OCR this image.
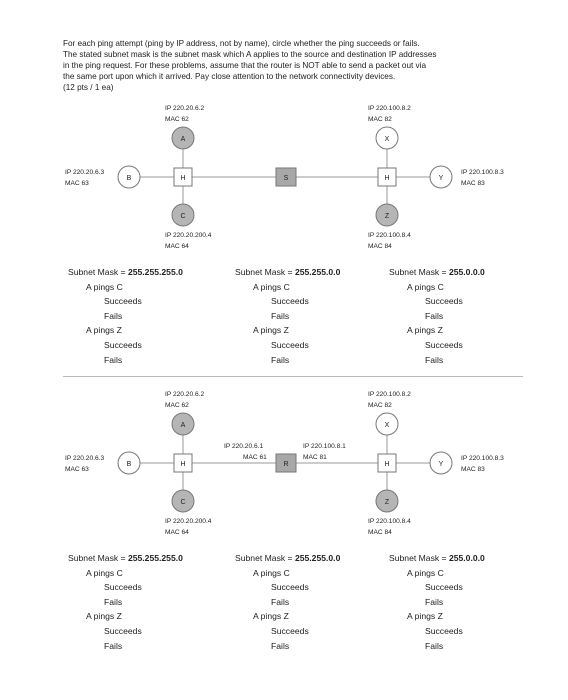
For each ping attempt (ping by IP address, not by name), circle whether the ping succeeds or fails.
The stated subnet mask is the subnet mask which A applies to the source and destination IP addresses
in the ping request. For these problems, assume that the router is NOT able to send a packet out via
the same port upon which it arrived. Pay close attention to the network connectivity devices.
(12 pts / 1 ea)
A
IP 220.20.6.2
MAC 62
B
IP 220.20.6.3
MAC 63
C
IP 220.20.200.4
MAC 64
H	S	H
X
IP 220.100.8.2
MAC 82
Y
IP 220.100.8.3
MAC 83
Z
IP 220.100.8.4
MAC 84
Subnet Mask = 255.255.255.0
A pings C
Succeeds
Fails
A pings Z
Succeeds
Fails
Subnet Mask = 255.255.0.0
A pings C
Succeeds
Fails
A pings Z
Succeeds
Fails
Subnet Mask = 255.0.0.0
A pings C
Succeeds
Fails
A pings Z
Succeeds
Fails
A
IP 220.20.6.2
MAC 62
B
IP 220.20.6.3
MAC 63
C
IP 220.20.200.4
MAC 64
H
IP 220.20.6.1
MAC 61
IP 220.100.8.1
MAC 81
R	H
X
IP 220.100.8.2
MAC 82
Y
IP 220.100.8.3
MAC 83
Z
IP 220.100.8.4
MAC 84
Subnet Mask = 255.255.255.0
A pings C
Succeeds
Fails
A pings Z
Succeeds
Fails
Subnet Mask = 255.255.0.0
A pings C
Succeeds
Fails
A pings Z
Succeeds
Fails
Subnet Mask = 255.0.0.0
A pings C
Succeeds
Fails
A pings Z
Succeeds
Fails
